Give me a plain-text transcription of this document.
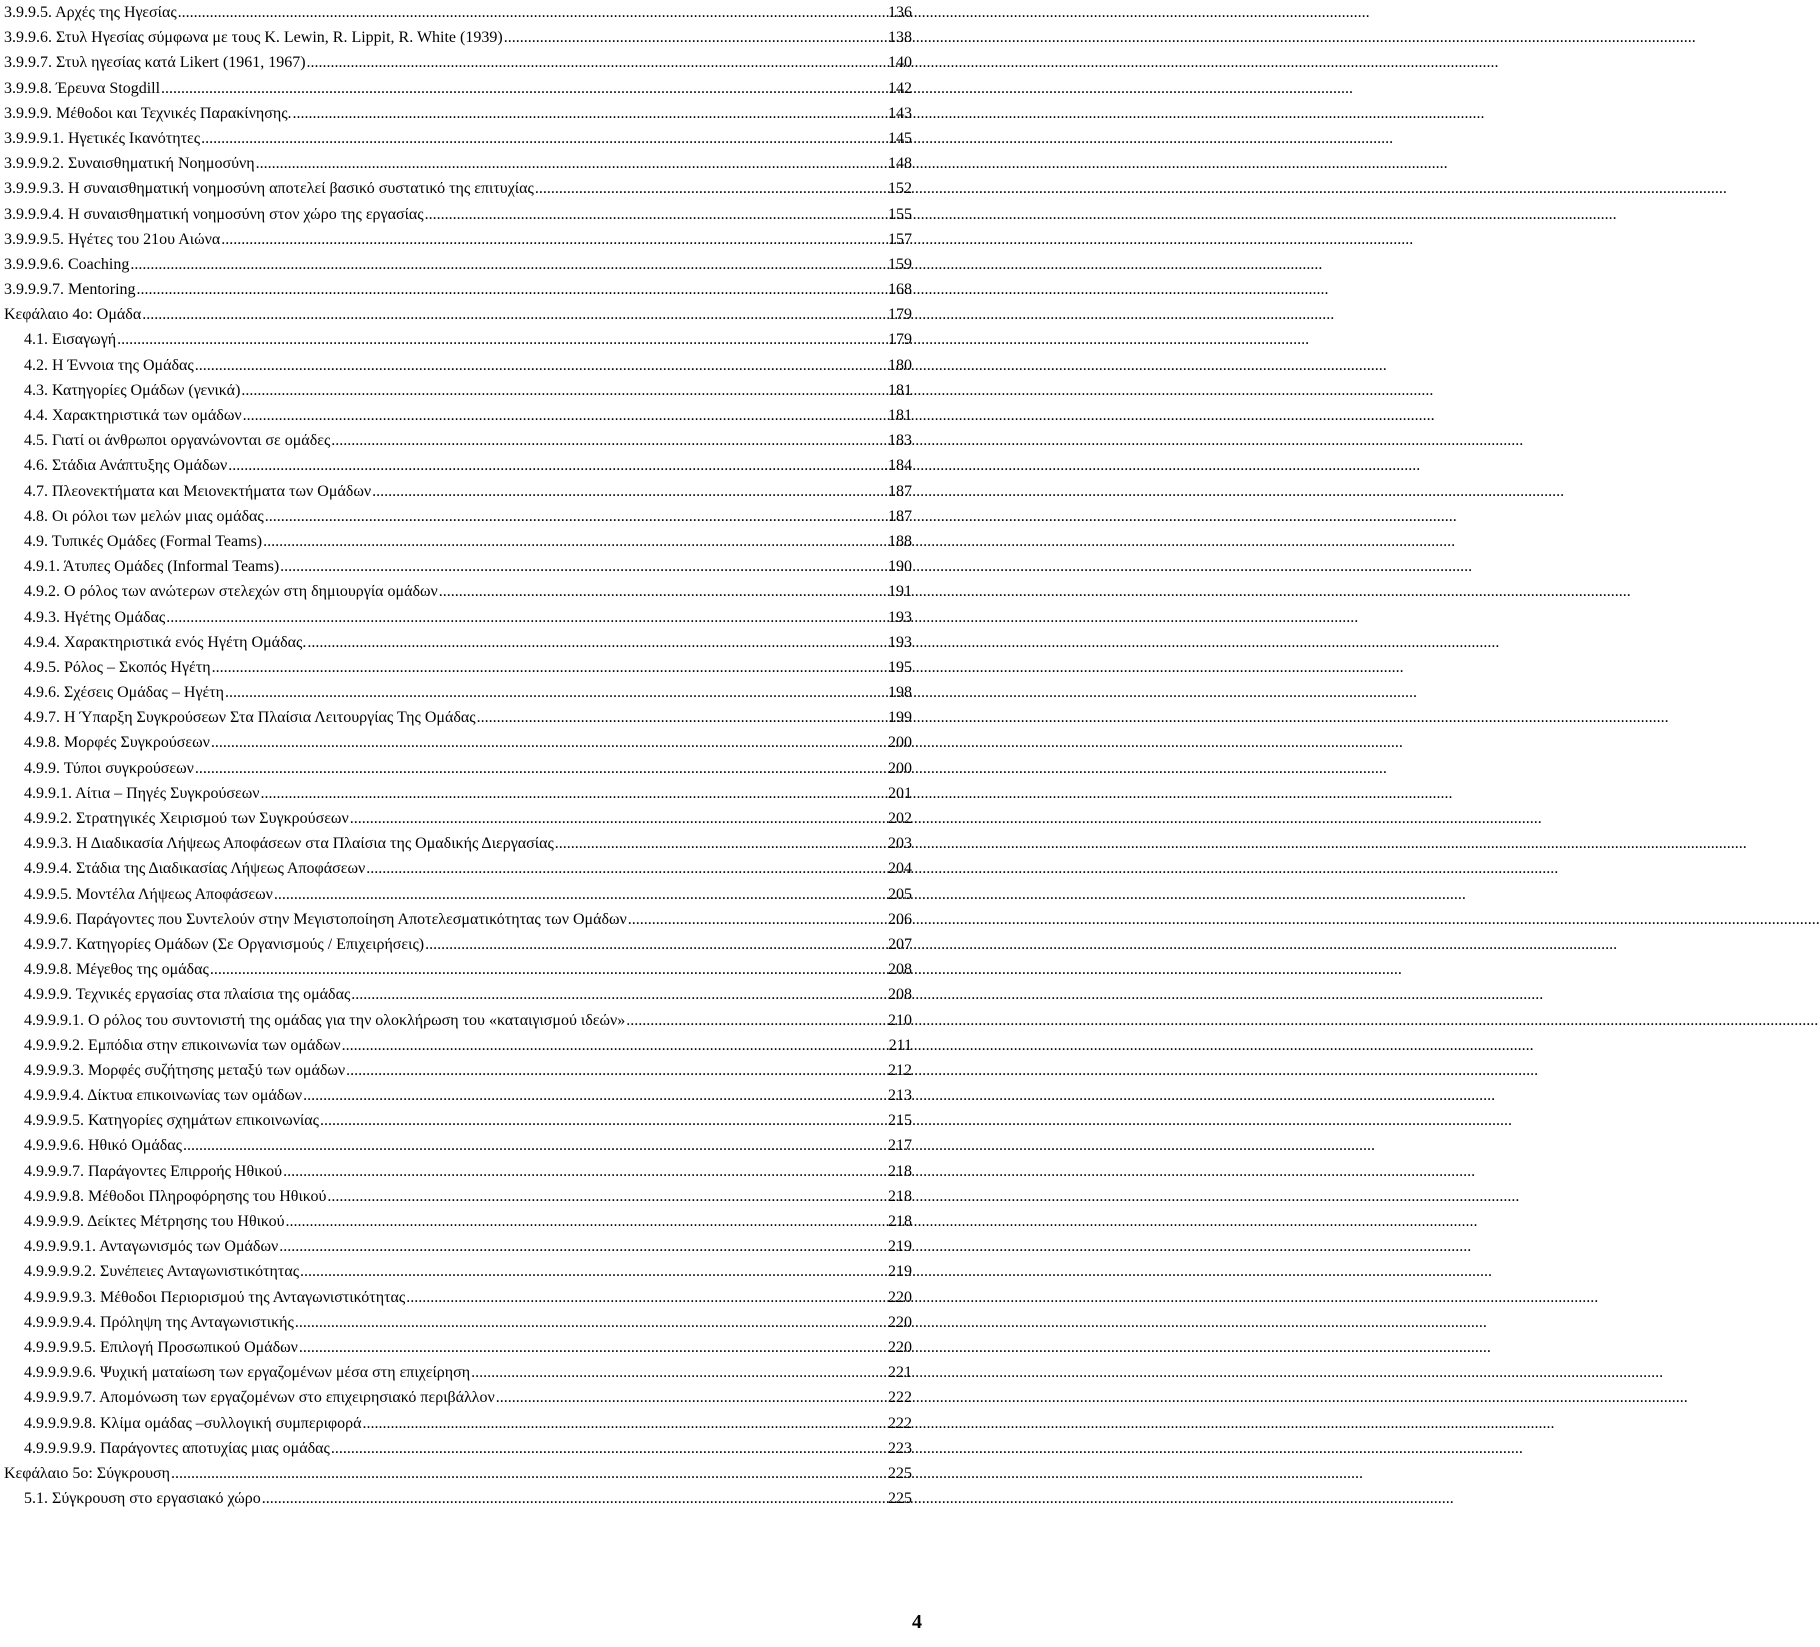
3.9.9.5. Αρχές της Ηγεσίας .....	136
3.9.9.6. Στυλ Ηγεσίας σύμφωνα με τους K. Lewin, R. Lippit, R. White (1939) .....	138
3.9.9.7. Στυλ ηγεσίας κατά Likert (1961, 1967) .....	140
3.9.9.8. Έρευνα Stogdill .....	142
3.9.9.9. Μέθοδοι και Τεχνικές Παρακίνησης. .....	143
3.9.9.9.1. Ηγετικές Ικανότητες .....	145
3.9.9.9.2. Συναισθηματική Νοημοσύνη .....	148
3.9.9.9.3. Η συναισθηματική νοημοσύνη αποτελεί βασικό συστατικό της επιτυχίας .....	152
3.9.9.9.4. Η συναισθηματική νοημοσύνη στον χώρο της εργασίας .....	155
3.9.9.9.5. Ηγέτες του 21ου Αιώνα .....	157
3.9.9.9.6. Coaching .....	159
3.9.9.9.7. Mentoring .....	168
Κεφάλαιο 4ο: Ομάδα .....	179
4.1. Εισαγωγή .....	179
4.2. Η Έννοια της Ομάδας .....	180
4.3. Κατηγορίες Ομάδων (γενικά) .....	181
4.4. Χαρακτηριστικά των ομάδων .....	181
4.5. Γιατί οι άνθρωποι οργανώνονται σε ομάδες .....	183
4.6. Στάδια Ανάπτυξης Ομάδων .....	.184
4.7. Πλεονεκτήματα και Μειονεκτήματα των Ομάδων .....	187
4.8. Οι ρόλοι των μελών μιας ομάδας .....	187
4.9. Τυπικές Ομάδες (Formal Teams) .....	188
4.9.1. Άτυπες Ομάδες (Informal Teams) .....	190
4.9.2. Ο ρόλος των ανώτερων στελεχών στη δημιουργία ομάδων .....	191
4.9.3. Ηγέτης Ομάδας .....	193
4.9.4. Χαρακτηριστικά ενός Ηγέτη Ομάδας. .....	193
4.9.5. Ρόλος – Σκοπός Ηγέτη .....	195
4.9.6. Σχέσεις Ομάδας – Ηγέτη .....	198
4.9.7. Η Ύπαρξη Συγκρούσεων Στα Πλαίσια Λειτουργίας Της Ομάδας .....	199
4.9.8. Μορφές Συγκρούσεων .....	200
4.9.9. Τύποι συγκρούσεων .....	200
4.9.9.1. Αίτια – Πηγές Συγκρούσεων .....	201
4.9.9.2. Στρατηγικές Χειρισμού των Συγκρούσεων .....	202
4.9.9.3. Η Διαδικασία Λήψεως Αποφάσεων στα Πλαίσια της Ομαδικής Διεργασίας .....	203
4.9.9.4. Στάδια της Διαδικασίας Λήψεως Αποφάσεων .....	204
4.9.9.5. Μοντέλα Λήψεως Αποφάσεων .....	205
4.9.9.6. Παράγοντες που Συντελούν στην Μεγιστοποίηση Αποτελεσματικότητας των Ομάδων .....	206
4.9.9.7. Κατηγορίες Ομάδων (Σε Οργανισμούς / Επιχειρήσεις) .....	207
4.9.9.8. Μέγεθος της ομάδας .....	208
4.9.9.9. Τεχνικές εργασίας στα πλαίσια της ομάδας .....	208
4.9.9.9.1. Ο ρόλος του συντονιστή της ομάδας για την ολοκλήρωση του «καταιγισμού ιδεών» .....	210
4.9.9.9.2. Εμπόδια στην επικοινωνία των ομάδων .....	211
4.9.9.9.3. Μορφές συζήτησης μεταξύ των ομάδων .....	212
4.9.9.9.4. Δίκτυα επικοινωνίας των ομάδων .....	213
4.9.9.9.5. Κατηγορίες σχημάτων επικοινωνίας .....	215
4.9.9.9.6. Ηθικό Ομάδας .....	217
4.9.9.9.7. Παράγοντες Επιρροής Ηθικού .....	218
4.9.9.9.8. Μέθοδοι Πληροφόρησης του Ηθικού .....	218
4.9.9.9.9. Δείκτες Μέτρησης του Ηθικού .....	218
4.9.9.9.9.1. Ανταγωνισμός των Ομάδων .....	219
4.9.9.9.9.2. Συνέπειες Ανταγωνιστικότητας .....	219
4.9.9.9.9.3. Μέθοδοι Περιορισμού της Ανταγωνιστικότητας .....	220
4.9.9.9.9.4. Πρόληψη της Ανταγωνιστικής .....	220
4.9.9.9.9.5. Επιλογή Προσωπικού Ομάδων .....	220
4.9.9.9.9.6. Ψυχική ματαίωση των εργαζομένων μέσα στη επιχείρηση .....	221
4.9.9.9.9.7. Απομόνωση των εργαζομένων στο επιχειρησιακό περιβάλλον .....	222
4.9.9.9.9.8. Κλίμα ομάδας –συλλογική συμπεριφορά .....	222
4.9.9.9.9.9. Παράγοντες αποτυχίας μιας ομάδας .....	223
Κεφάλαιο 5ο: Σύγκρουση .....	225
5.1. Σύγκρουση στο εργασιακό χώρο .....	225
4
